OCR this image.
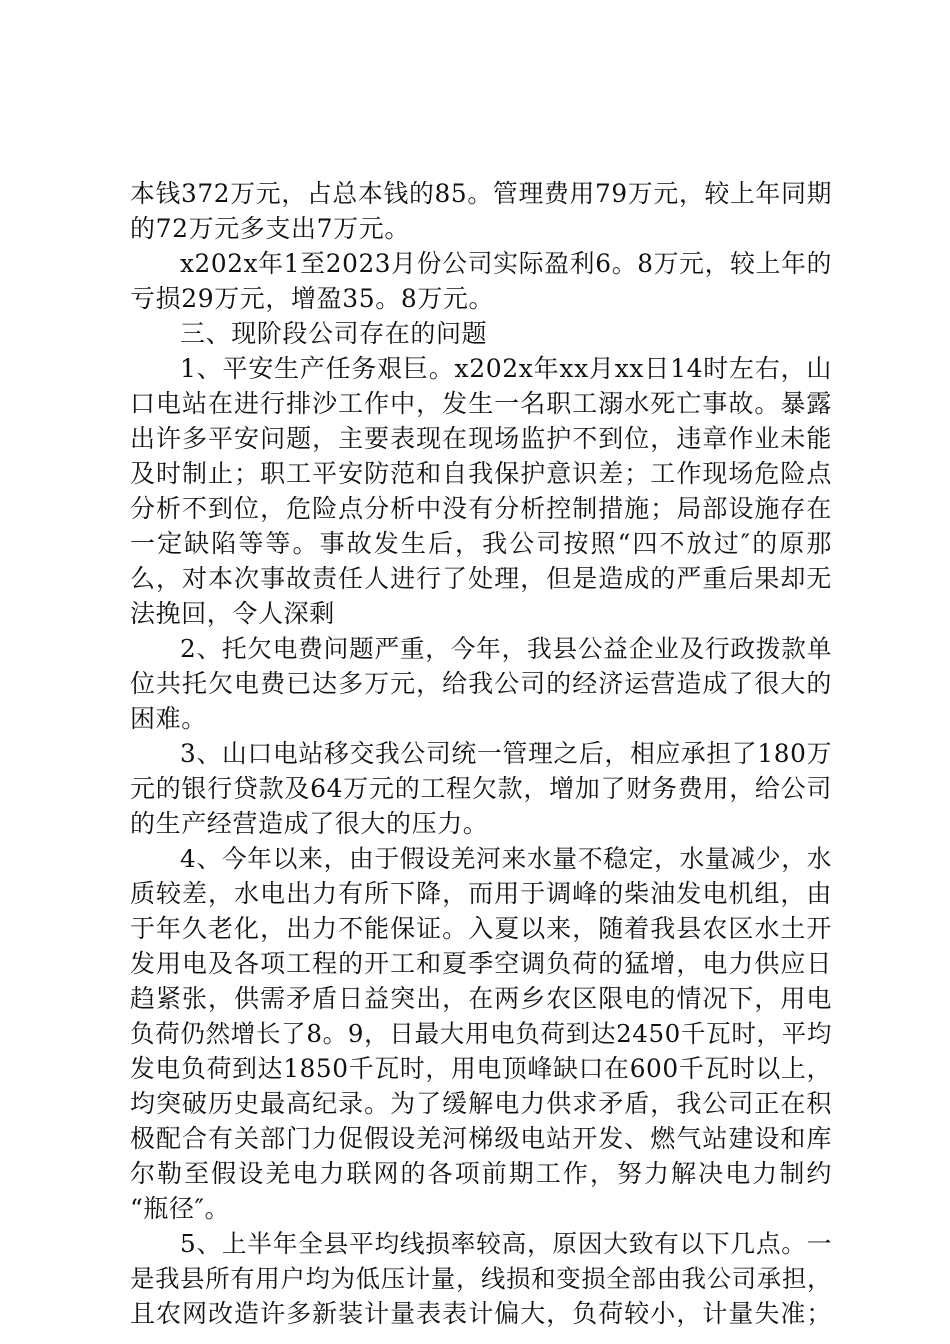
本钱372万元，占总本钱的85。管理费用79万元，较上年同期
的72万元多支出7万元。
x202x年1至2023月份公司实际盈利6。8万元，较上年的
亏损29万元，增盈35。8万元。
三、现阶段公司存在的问题
1、平安生产任务艰巨。x202x年xx月xx日14时左右，山
口电站在进行排沙工作中，发生一名职工溺水死亡事故。暴露
出许多平安问题，主要表现在现场监护不到位，违章作业未能
及时制止；职工平安防范和自我保护意识差；工作现场危险点
分析不到位，危险点分析中没有分析控制措施；局部设施存在
一定缺陷等等。事故发生后，我公司按照“四不放过″的原那
么，对本次事故责任人进行了处理，但是造成的严重后果却无
法挽回，令人深剩
2、托欠电费问题严重，今年，我县公益企业及行政拨款单
位共托欠电费已达多万元，给我公司的经济运营造成了很大的
困难。
3、山口电站移交我公司统一管理之后，相应承担了180万
元的银行贷款及64万元的工程欠款，增加了财务费用，给公司
的生产经营造成了很大的压力。
4、今年以来，由于假设羌河来水量不稳定，水量减少，水
质较差，水电出力有所下降，而用于调峰的柴油发电机组，由
于年久老化，出力不能保证。入夏以来，随着我县农区水土开
发用电及各项工程的开工和夏季空调负荷的猛增，电力供应日
趋紧张，供需矛盾日益突出，在两乡农区限电的情况下，用电
负荷仍然增长了8。9，日最大用电负荷到达2450千瓦时，平均
发电负荷到达1850千瓦时，用电顶峰缺口在600千瓦时以上，
均突破历史最高纪录。为了缓解电力供求矛盾，我公司正在积
极配合有关部门力促假设羌河梯级电站开发、燃气站建设和库
尔勒至假设羌电力联网的各项前期工作，努力解决电力制约
“瓶径″。
5、上半年全县平均线损率较高，原因大致有以下几点。一
是我县所有用户均为低压计量，线损和变损全部由我公司承担，
且农网改造许多新装计量表表计偏大，负荷较小，计量失准；
